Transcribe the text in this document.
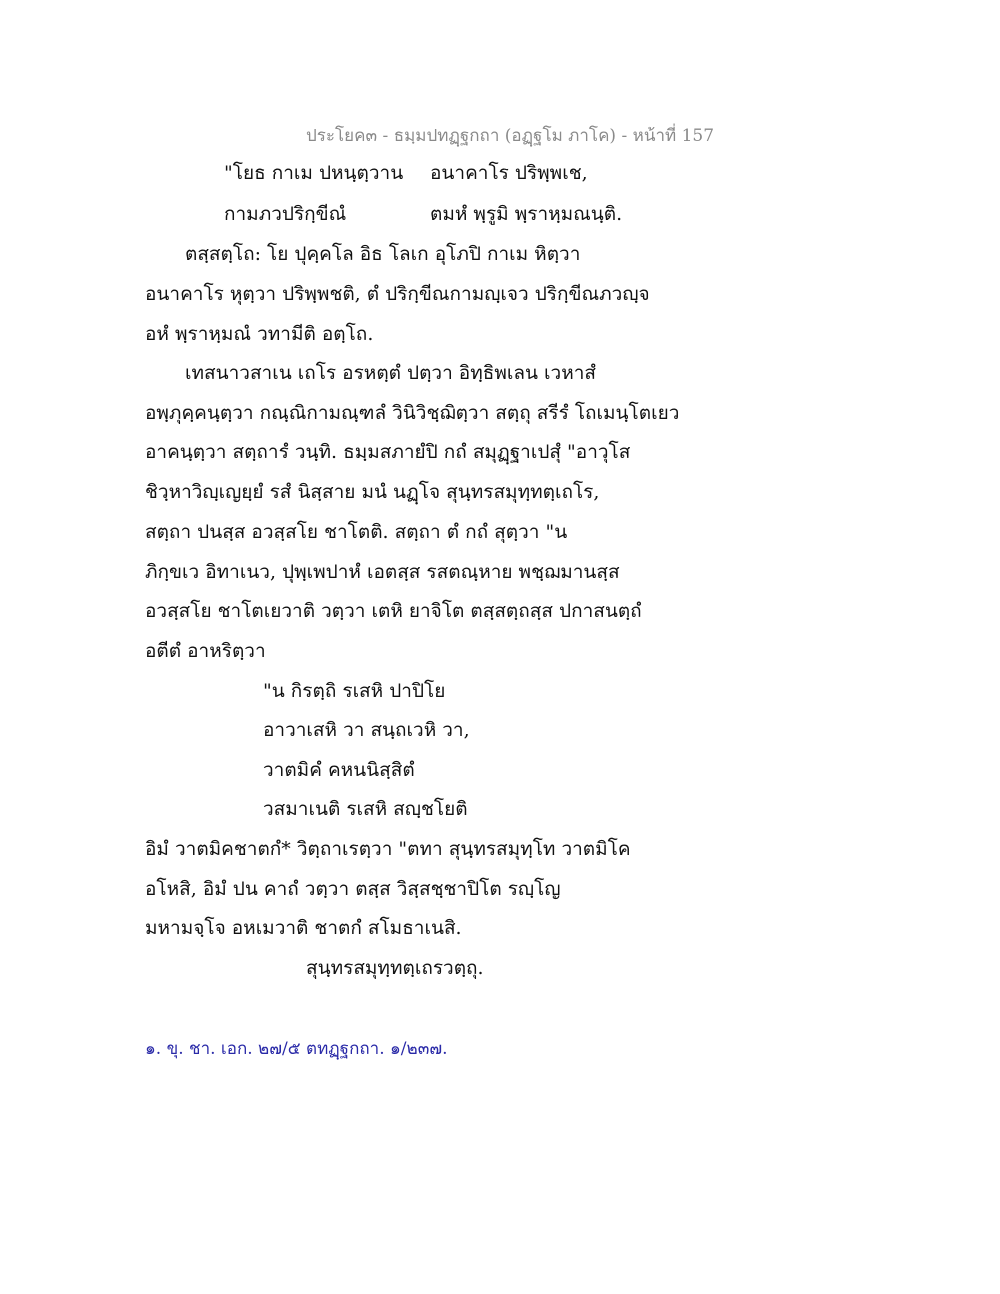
ประโยค๓ - ธมฺมปทฏฺฐกถา (อฏฺฐโม ภาโค) - หน้าที่ 157
"โยธ กาเม ปหนฺตฺวาน อนาคาโร ปริพฺพเช,
กามภวปริกฺขีณํ	ตมหํ พฺรูมิ พฺราหฺมณนฺติ.
ตสฺสตฺโถ: โย ปุคฺคโล อิธ โลเก อุโภปิ กาเม หิตฺวา
อนาคาโร หุตฺวา ปริพฺพชติ, ตํ ปริกฺขีณกามญฺเจว ปริกฺขีณภวญฺจ
อหํ พฺราหฺมณํ วทามีติ อตฺโถ.
เทสนาวสาเน เถโร อรหตฺตํ ปตฺวา อิทฺธิพเลน เวหาสํ
อพฺภุคฺคนฺตฺวา กณฺณิกามณฺฑลํ วินิวิชฺฌิตฺวา สตฺถุ สรีรํ โถเมนฺโตเยว
อาคนฺตฺวา สตฺถารํ วนฺทิ. ธมฺมสภายํปิ กถํ สมุฏฺฐาเปสุํ "อาวุโส
ชิวฺหาวิญฺเญยฺยํ รสํ นิสฺสาย มนํ นฏฺโจ สุนฺทรสมุทฺทตฺเถโร,
สตฺถา ปนสฺส อวสฺสโย ชาโตติ. สตฺถา ตํ กถํ สุตฺวา "น
ภิกฺขเว อิทาเนว, ปุพฺเพปาหํ เอตสฺส รสตณฺหาย พชฺฌมานสฺส
อวสฺสโย ชาโตเยวาติ วตฺวา เตหิ ยาจิโต ตสฺสตฺถสฺส ปกาสนตฺถํ
อตีตํ อาหริตฺวา
"น กิรตฺถิ รเสหิ ปาปิโย
อาวาเสหิ วา สนฺถเวหิ วา,
วาตมิคํ คหนนิสฺสิตํ
วสมาเนติ รเสหิ สญฺชโยติ
อิมํ วาตมิคชาตกํ* วิตฺถาเรตฺวา "ตทา สุนฺทรสมุทฺโท วาตมิโค
อโหสิ, อิมํ ปน คาถํ วตฺวา ตสฺส วิสฺสชฺชาปิโต รญฺโญ
มหามจฺโจ อหเมวาติ ชาตกํ สโมธาเนสิ.
สุนฺทรสมุทฺทตฺเถรวตฺถุ.
๑. ขุ. ชา. เอก. ๒๗/๕ ตทฏฺฐกถา. ๑/๒๓๗.
